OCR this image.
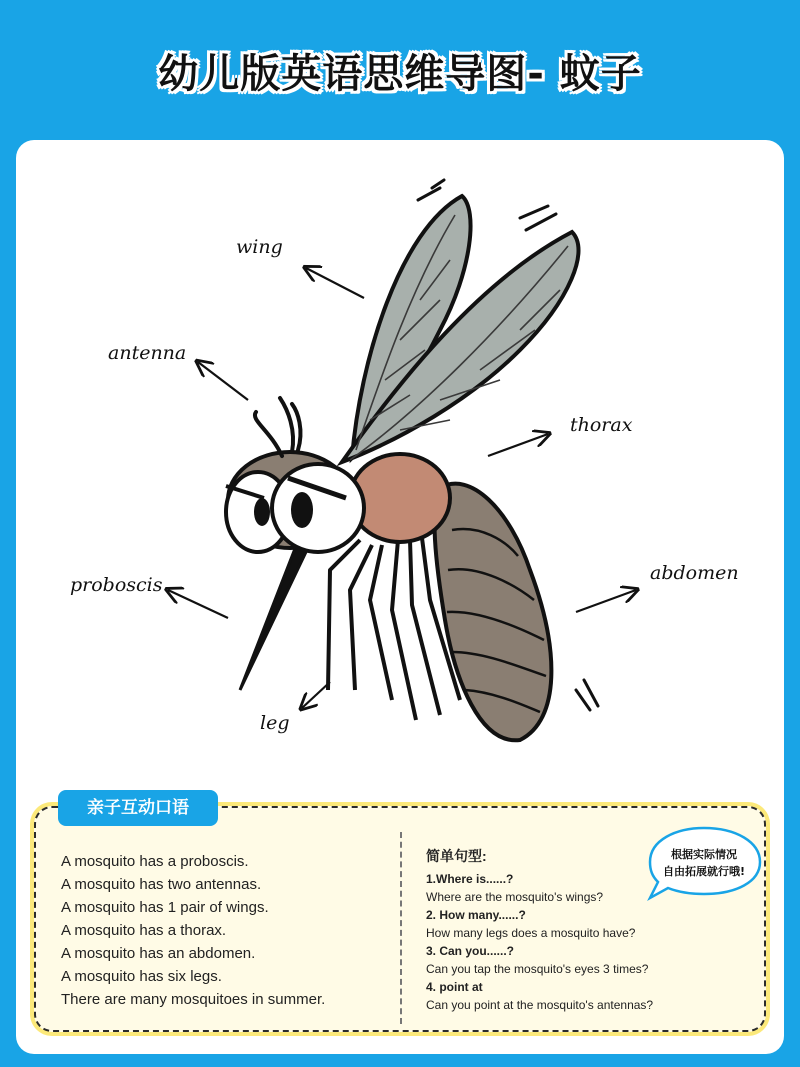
幼儿版英语思维导图- 蚊子
wing
antenna
thorax
proboscis
abdomen
leg
亲子互动口语
A mosquito has a proboscis.
A mosquito has two antennas.
A mosquito has 1 pair of wings.
A mosquito has a thorax.
A mosquito has an abdomen.
A mosquito has six legs.
There are many mosquitoes in summer.
简单句型:
1.Where is......?
Where are the mosquito's wings?
2. How many......?
How many legs does a mosquito have?
3. Can you......?
Can you tap the mosquito's eyes 3 times?
4. point at
Can you point at the mosquito's antennas?
根据实际情况
自由拓展就行哦!
